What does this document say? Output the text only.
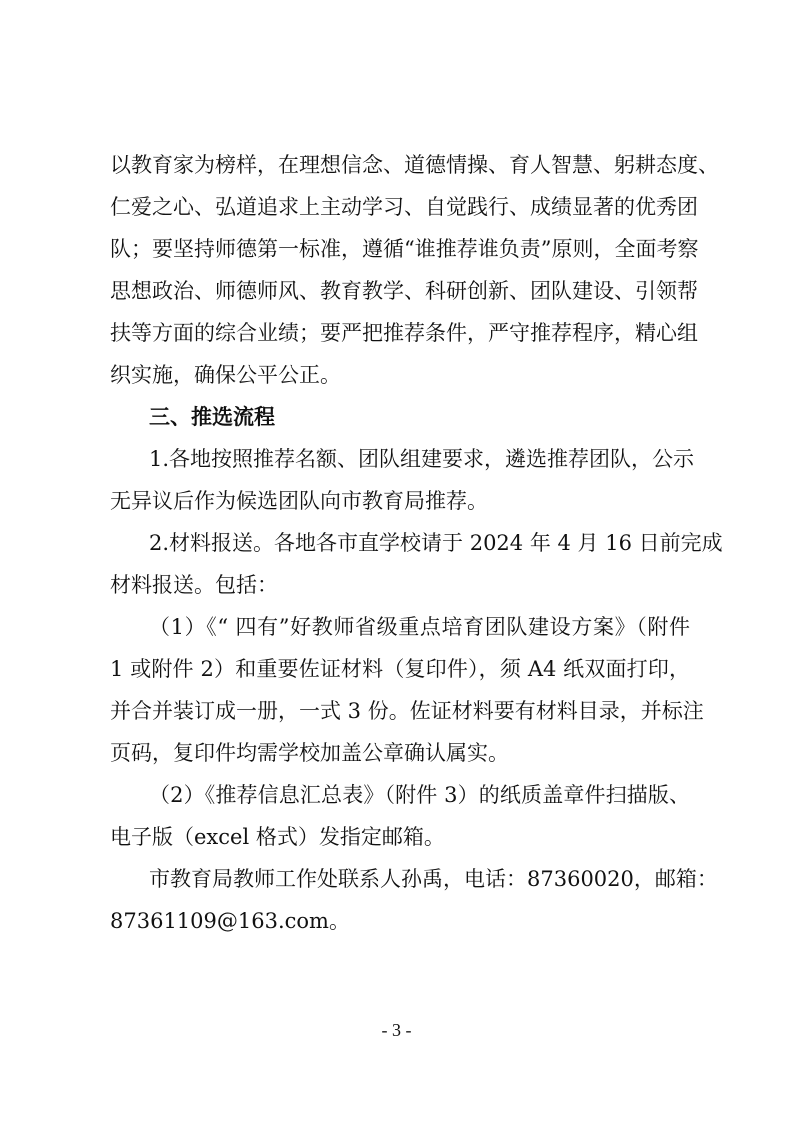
以教育家为榜样，在理想信念、道德情操、育人智慧、躬耕态度、
仁爱之心、弘道追求上主动学习、自觉践行、成绩显著的优秀团
队；要坚持师德第一标准，遵循“谁推荐谁负责”原则，全面考察
思想政治、师德师风、教育教学、科研创新、团队建设、引领帮
扶等方面的综合业绩；要严把推荐条件，严守推荐程序，精心组
织实施，确保公平公正。
三、推选流程
1.各地按照推荐名额、团队组建要求，遴选推荐团队，公示
无异议后作为候选团队向市教育局推荐。
2.材料报送。各地各市直学校请于 2024 年 4 月 16 日前完成
材料报送。包括：
（1）《“ 四有”好教师省级重点培育团队建设方案》（附件
1 或附件 2）和重要佐证材料（复印件），须 A4 纸双面打印，
并合并装订成一册，一式 3 份。佐证材料要有材料目录，并标注
页码，复印件均需学校加盖公章确认属实。
（2）《推荐信息汇总表》（附件 3）的纸质盖章件扫描版、
电子版（excel 格式）发指定邮箱。
市教育局教师工作处联系人孙禹，电话：87360020，邮箱：
87361109@163.com。
- 3 -
